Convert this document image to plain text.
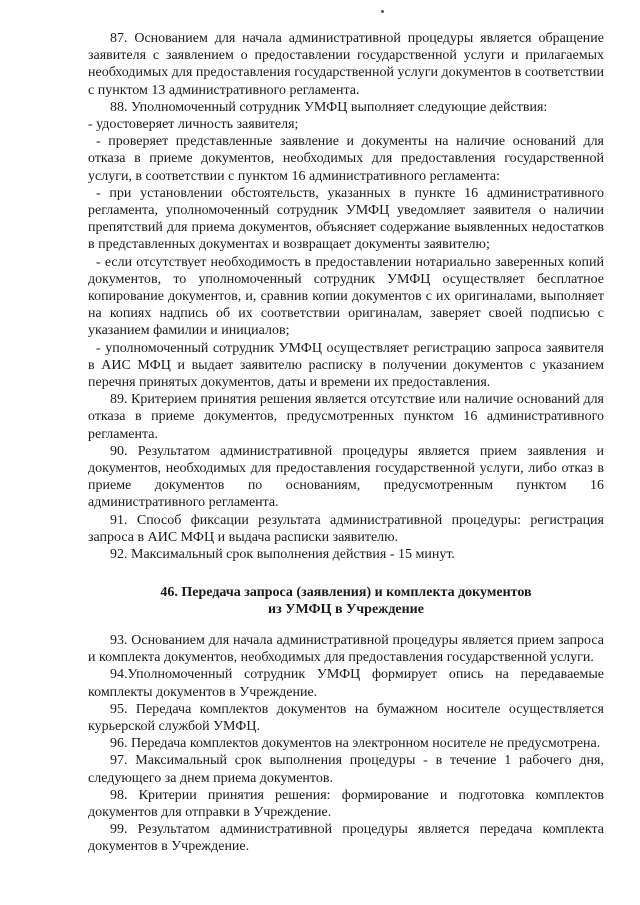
87. Основанием для начала административной процедуры является обращение заявителя с заявлением о предоставлении государственной услуги и прилагаемых необходимых для предоставления государственной услуги документов в соответствии с пунктом 13 административного регламента.

88. Уполномоченный сотрудник УМФЦ выполняет следующие действия:

- удостоверяет личность заявителя;

- проверяет представленные заявление и документы на наличие оснований для отказа в приеме документов, необходимых для предоставления государственной услуги, в соответствии с пунктом 16 административного регламента:

- при установлении обстоятельств, указанных в пункте 16 административного регламента, уполномоченный сотрудник УМФЦ уведомляет заявителя о наличии препятствий для приема документов, объясняет содержание выявленных недостатков в представленных документах и возвращает документы заявителю;

- если отсутствует необходимость в предоставлении нотариально заверенных копий документов, то уполномоченный сотрудник УМФЦ осуществляет бесплатное копирование документов, и, сравнив копии документов с их оригиналами, выполняет на копиях надпись об их соответствии оригиналам, заверяет своей подписью с указанием фамилии и инициалов;

- уполномоченный сотрудник УМФЦ осуществляет регистрацию запроса заявителя в АИС МФЦ и выдает заявителю расписку в получении документов с указанием перечня принятых документов, даты и времени их предоставления.

89. Критерием принятия решения является отсутствие или наличие оснований для отказа в приеме документов, предусмотренных пунктом 16 административного регламента.

90. Результатом административной процедуры является прием заявления и документов, необходимых для предоставления государственной услуги, либо отказ в приеме документов по основаниям, предусмотренным пунктом 16 административного регламента.

91. Способ фиксации результата административной процедуры: регистрация запроса в АИС МФЦ и выдача расписки заявителю.

92. Максимальный срок выполнения действия - 15 минут.

46. Передача запроса (заявления) и комплекта документов
из УМФЦ в Учреждение

93. Основанием для начала административной процедуры является прием запроса и комплекта документов, необходимых для предоставления государственной услуги.

94.Уполномоченный сотрудник УМФЦ формирует опись на передаваемые комплекты документов в Учреждение.

95. Передача комплектов документов на бумажном носителе осуществляется курьерской службой УМФЦ.

96. Передача комплектов документов на электронном носителе не предусмотрена.

97. Максимальный срок выполнения процедуры - в течение 1 рабочего дня, следующего за днем приема документов.

98. Критерии принятия решения: формирование и подготовка комплектов документов для отправки в Учреждение.

99. Результатом административной процедуры является передача комплекта документов в Учреждение.
